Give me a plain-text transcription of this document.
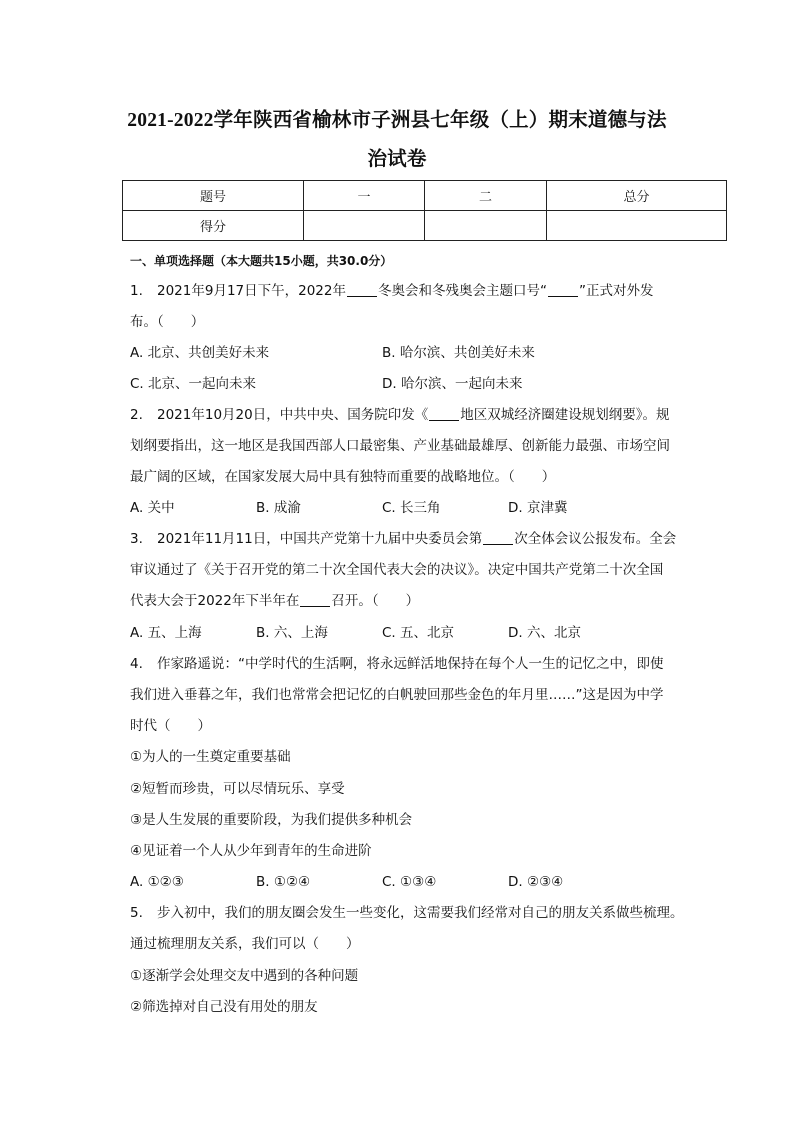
2021-2022学年陕西省榆林市子洲县七年级（上）期末道德与法
治试卷
题号	一	二	总分
得分			
一、单项选择题（本大题共15小题，共30.0分）
1. 2021年9月17日下午，2022年 冬奥会和冬残奥会主题口号“ ”正式对外发
布。（　　）
A. 北京、共创美好未来	B. 哈尔滨、共创美好未来
C. 北京、一起向未来	D. 哈尔滨、一起向未来
2. 2021年10月20日，中共中央、国务院印发《 地区双城经济圈建设规划纲要》。规
划纲要指出，这一地区是我国西部人口最密集、产业基础最雄厚、创新能力最强、市场空间
最广阔的区域，在国家发展大局中具有独特而重要的战略地位。（　　）
A. 关中	B. 成渝	C. 长三角	D. 京津冀
3. 2021年11月11日，中国共产党第十九届中央委员会第 次全体会议公报发布。全会
审议通过了《关于召开党的第二十次全国代表大会的决议》。决定中国共产党第二十次全国
代表大会于2022年下半年在 召开。（　　）
A. 五、上海	B. 六、上海	C. 五、北京	D. 六、北京
4. 作家路遥说：“中学时代的生活啊，将永远鲜活地保持在每个人一生的记忆之中，即使
我们进入垂暮之年，我们也常常会把记忆的白帆驶回那些金色的年月里……”这是因为中学
时代（　　）
①为人的一生奠定重要基础
②短暂而珍贵，可以尽情玩乐、享受
③是人生发展的重要阶段，为我们提供多种机会
④见证着一个人从少年到青年的生命进阶
A. ①②③	B. ①②④	C. ①③④	D. ②③④
5. 步入初中，我们的朋友圈会发生一些变化，这需要我们经常对自己的朋友关系做些梳理。
通过梳理朋友关系，我们可以（　　）
①逐渐学会处理交友中遇到的各种问题
②筛选掉对自己没有用处的朋友
